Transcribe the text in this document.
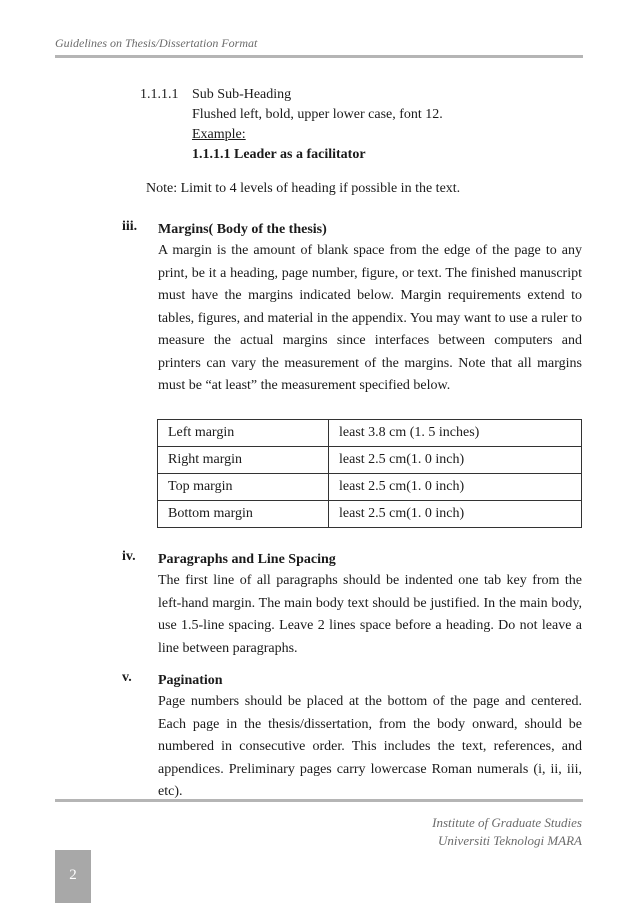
Guidelines on Thesis/Dissertation Format
1.1.1.1 Sub Sub-Heading
Flushed left, bold, upper lower case, font 12.
Example:
1.1.1.1 Leader as a facilitator
Note: Limit to 4 levels of heading if possible in the text.
iii. Margins( Body of the thesis)
A margin is the amount of blank space from the edge of the page to any print, be it a heading, page number, figure, or text. The finished manuscript must have the margins indicated below. Margin requirements extend to tables, figures, and material in the appendix. You may want to use a ruler to measure the actual margins since interfaces between computers and printers can vary the measurement of the margins. Note that all margins must be “at least” the measurement specified below.
Left margin	least 3.8 cm (1. 5 inches)
Right margin	least 2.5 cm(1. 0 inch)
Top margin	least 2.5 cm(1. 0 inch)
Bottom margin	least 2.5 cm(1. 0 inch)
iv. Paragraphs and Line Spacing
The first line of all paragraphs should be indented one tab key from the left-hand margin. The main body text should be justified. In the main body, use 1.5-line spacing. Leave 2 lines space before a heading. Do not leave a line between paragraphs.
v. Pagination
Page numbers should be placed at the bottom of the page and centered. Each page in the thesis/dissertation, from the body onward, should be numbered in consecutive order. This includes the text, references, and appendices. Preliminary pages carry lowercase Roman numerals (i, ii, iii, etc).
Institute of Graduate Studies
Universiti Teknologi MARA
2
